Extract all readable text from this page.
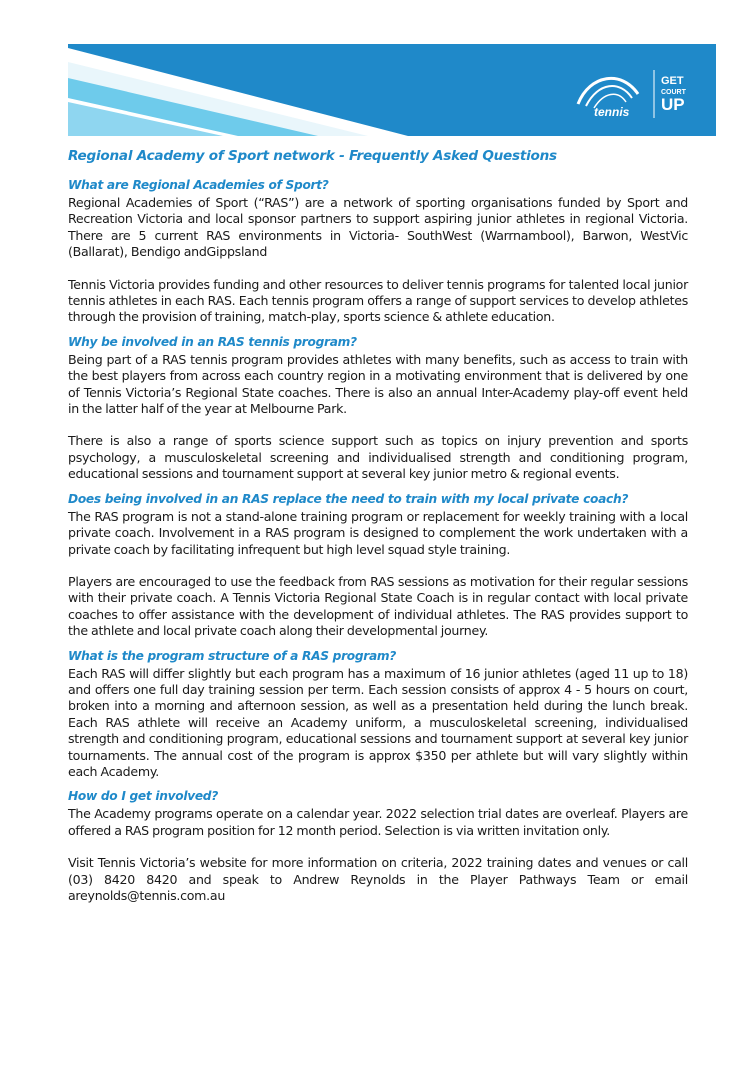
tennis
GET
COURT
UP
Regional Academy of Sport network - Frequently Asked Questions
What are Regional Academies of Sport?

Regional Academies of Sport (“RAS”) are a network of sporting organisations funded by Sport and Recreation Victoria and local sponsor partners to support aspiring junior athletes in regional Victoria. There are 5 current RAS environments in Victoria- SouthWest (Warrnambool), Barwon, WestVic (Ballarat), Bendigo andGippsland

Tennis Victoria provides funding and other resources to deliver tennis programs for talented local junior tennis athletes in each RAS. Each tennis program offers a range of support services to develop athletes through the provision of training, match-play, sports science & athlete education.

Why be involved in an RAS tennis program?

Being part of a RAS tennis program provides athletes with many benefits, such as access to train with the best players from across each country region in a motivating environment that is delivered by one of Tennis Victoria’s Regional State coaches. There is also an annual Inter-Academy play-off event held in the latter half of the year at Melbourne Park.

There is also a range of sports science support such as topics on injury prevention and sports psychology, a musculoskeletal screening and individualised strength and conditioning program, educational sessions and tournament support at several key junior metro & regional events.

Does being involved in an RAS replace the need to train with my local private coach?

The RAS program is not a stand-alone training program or replacement for weekly training with a local private coach. Involvement in a RAS program is designed to complement the work undertaken with a private coach by facilitating infrequent but high level squad style training.

Players are encouraged to use the feedback from RAS sessions as motivation for their regular sessions with their private coach. A Tennis Victoria Regional State Coach is in regular contact with local private coaches to offer assistance with the development of individual athletes. The RAS provides support to the athlete and local private coach along their developmental journey.

What is the program structure of a RAS program?

Each RAS will differ slightly but each program has a maximum of 16 junior athletes (aged 11 up to 18) and offers one full day training session per term. Each session consists of approx 4 - 5 hours on court, broken into a morning and afternoon session, as well as a presentation held during the lunch break. Each RAS athlete will receive an Academy uniform, a musculoskeletal screening, individualised strength and conditioning program, educational sessions and tournament support at several key junior tournaments. The annual cost of the program is approx $350 per athlete but will vary slightly within each Academy.

How do I get involved?

The Academy programs operate on a calendar year. 2022 selection trial dates are overleaf. Players are offered a RAS program position for 12 month period. Selection is via written invitation only.

Visit Tennis Victoria’s website for more information on criteria, 2022 training dates and venues or call (03) 8420 8420 and speak to Andrew Reynolds in the Player Pathways Team or email areynolds@tennis.com.au
